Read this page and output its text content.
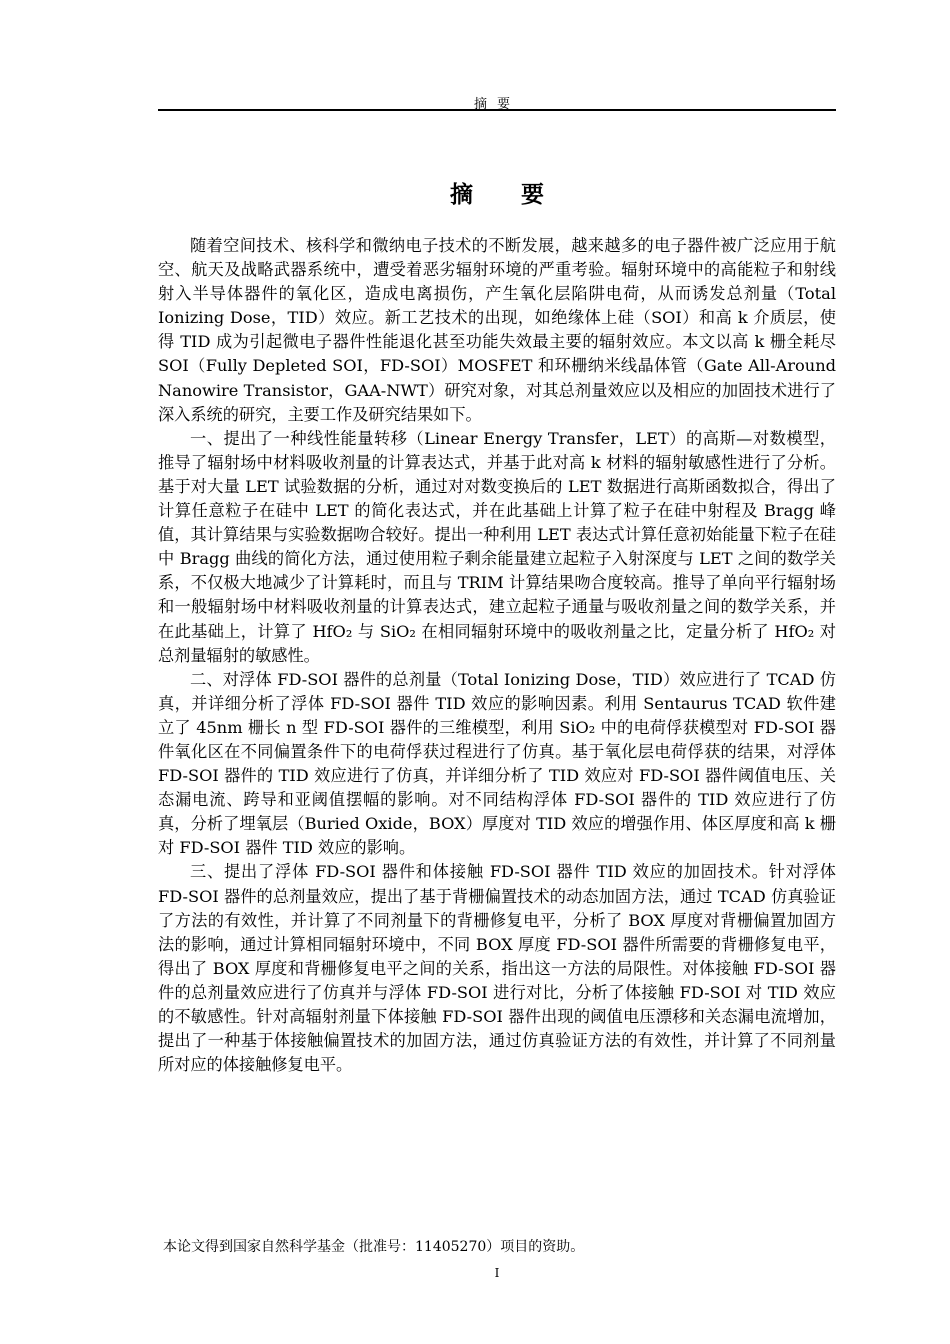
摘要
摘 要

随着空间技术、核科学和微纳电子技术的不断发展，越来越多的电子器件被广泛应用于航空、航天及战略武器系统中，遭受着恶劣辐射环境的严重考验。辐射环境中的高能粒子和射线射入半导体器件的氧化区，造成电离损伤，产生氧化层陷阱电荷，从而诱发总剂量（Total Ionizing Dose，TID）效应。新工艺技术的出现，如绝缘体上硅（SOI）和高 k 介质层，使得 TID 成为引起微电子器件性能退化甚至功能失效最主要的辐射效应。本文以高 k 栅全耗尽 SOI（Fully Depleted SOI，FD-SOI）MOSFET 和环栅纳米线晶体管（Gate All-Around Nanowire Transistor，GAA-NWT）研究对象，对其总剂量效应以及相应的加固技术进行了深入系统的研究，主要工作及研究结果如下。

一、提出了一种线性能量转移（Linear Energy Transfer，LET）的高斯—对数模型，推导了辐射场中材料吸收剂量的计算表达式，并基于此对高 k 材料的辐射敏感性进行了分析。基于对大量 LET 试验数据的分析，通过对对数变换后的 LET 数据进行高斯函数拟合，得出了计算任意粒子在硅中 LET 的简化表达式，并在此基础上计算了粒子在硅中射程及 Bragg 峰值，其计算结果与实验数据吻合较好。提出一种利用 LET 表达式计算任意初始能量下粒子在硅中 Bragg 曲线的简化方法，通过使用粒子剩余能量建立起粒子入射深度与 LET 之间的数学关系，不仅极大地减少了计算耗时，而且与 TRIM 计算结果吻合度较高。推导了单向平行辐射场和一般辐射场中材料吸收剂量的计算表达式，建立起粒子通量与吸收剂量之间的数学关系，并在此基础上，计算了 HfO₂ 与 SiO₂ 在相同辐射环境中的吸收剂量之比，定量分析了 HfO₂ 对总剂量辐射的敏感性。

二、对浮体 FD-SOI 器件的总剂量（Total Ionizing Dose，TID）效应进行了 TCAD 仿真，并详细分析了浮体 FD-SOI 器件 TID 效应的影响因素。利用 Sentaurus TCAD 软件建立了 45nm 栅长 n 型 FD-SOI 器件的三维模型，利用 SiO₂ 中的电荷俘获模型对 FD-SOI 器件氧化区在不同偏置条件下的电荷俘获过程进行了仿真。基于氧化层电荷俘获的结果，对浮体 FD-SOI 器件的 TID 效应进行了仿真，并详细分析了 TID 效应对 FD-SOI 器件阈值电压、关态漏电流、跨导和亚阈值摆幅的影响。对不同结构浮体 FD-SOI 器件的 TID 效应进行了仿真，分析了埋氧层（Buried Oxide，BOX）厚度对 TID 效应的增强作用、体区厚度和高 k 栅对 FD-SOI 器件 TID 效应的影响。

三、提出了浮体 FD-SOI 器件和体接触 FD-SOI 器件 TID 效应的加固技术。针对浮体 FD-SOI 器件的总剂量效应，提出了基于背栅偏置技术的动态加固方法，通过 TCAD 仿真验证了方法的有效性，并计算了不同剂量下的背栅修复电平，分析了 BOX 厚度对背栅偏置加固方法的影响，通过计算相同辐射环境中，不同 BOX 厚度 FD-SOI 器件所需要的背栅修复电平，得出了 BOX 厚度和背栅修复电平之间的关系，指出这一方法的局限性。对体接触 FD-SOI 器件的总剂量效应进行了仿真并与浮体 FD-SOI 进行对比，分析了体接触 FD-SOI 对 TID 效应的不敏感性。针对高辐射剂量下体接触 FD-SOI 器件出现的阈值电压漂移和关态漏电流增加，提出了一种基于体接触偏置技术的加固方法，通过仿真验证方法的有效性，并计算了不同剂量所对应的体接触修复电平。

本论文得到国家自然科学基金（批准号：11405270）项目的资助。
I
